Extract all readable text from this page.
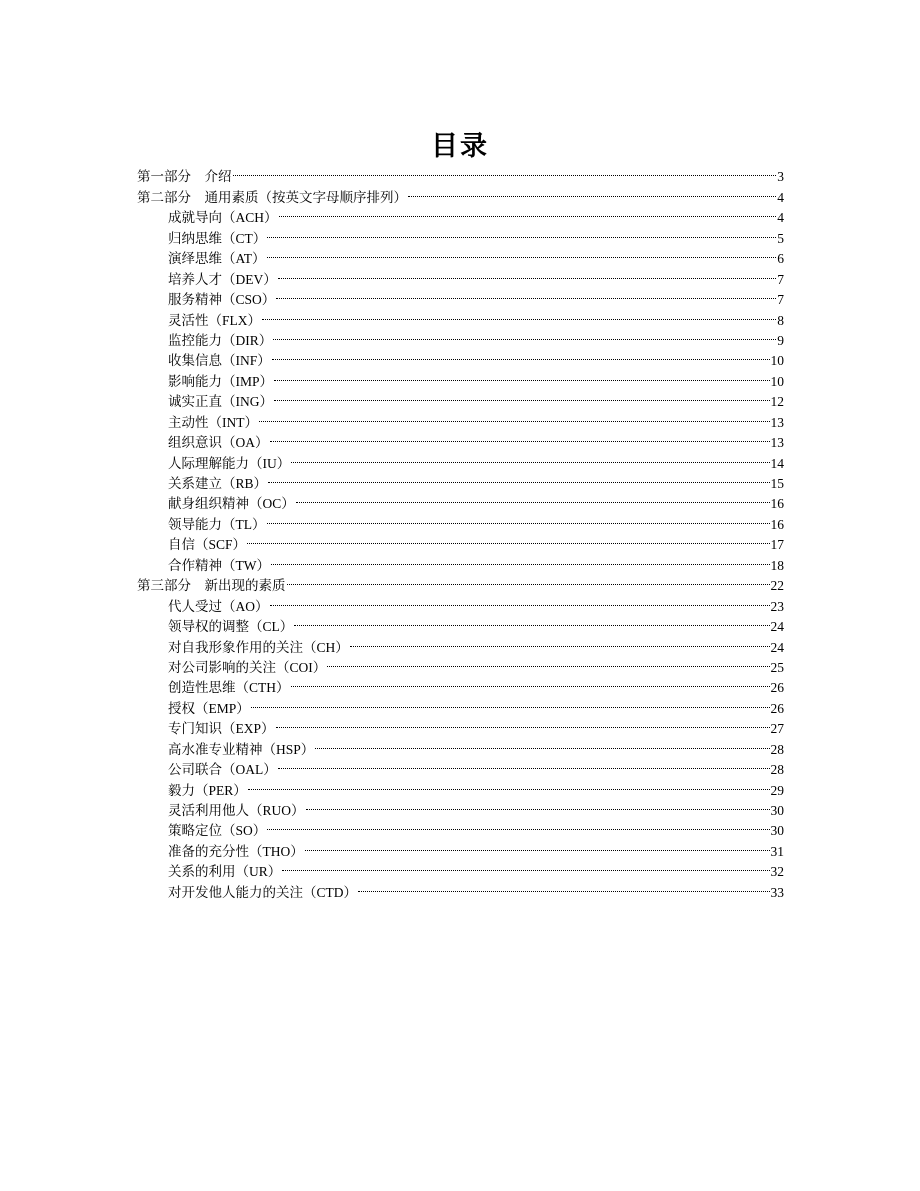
目录
第一部分　介绍	3
第二部分　通用素质（按英文字母顺序排列）	4
成就导向（ACH）	4
归纳思维（CT）	5
演绎思维（AT）	6
培养人才（DEV）	7
服务精神（CSO）	7
灵活性（FLX）	8
监控能力（DIR）	9
收集信息（INF）	10
影响能力（IMP）	10
诚实正直（ING）	12
主动性（INT）	13
组织意识（OA）	13
人际理解能力（IU）	14
关系建立（RB）	15
献身组织精神（OC）	16
领导能力（TL）	16
自信（SCF）	17
合作精神（TW）	18
第三部分　新出现的素质	22
代人受过（AO）	23
领导权的调整（CL）	24
对自我形象作用的关注（CH）	24
对公司影响的关注（COI）	25
创造性思维（CTH）	26
授权（EMP）	26
专门知识（EXP）	27
高水准专业精神（HSP）	28
公司联合（OAL）	28
毅力（PER）	29
灵活利用他人（RUO）	30
策略定位（SO）	30
准备的充分性（THO）	31
关系的利用（UR）	32
对开发他人能力的关注（CTD）	33
